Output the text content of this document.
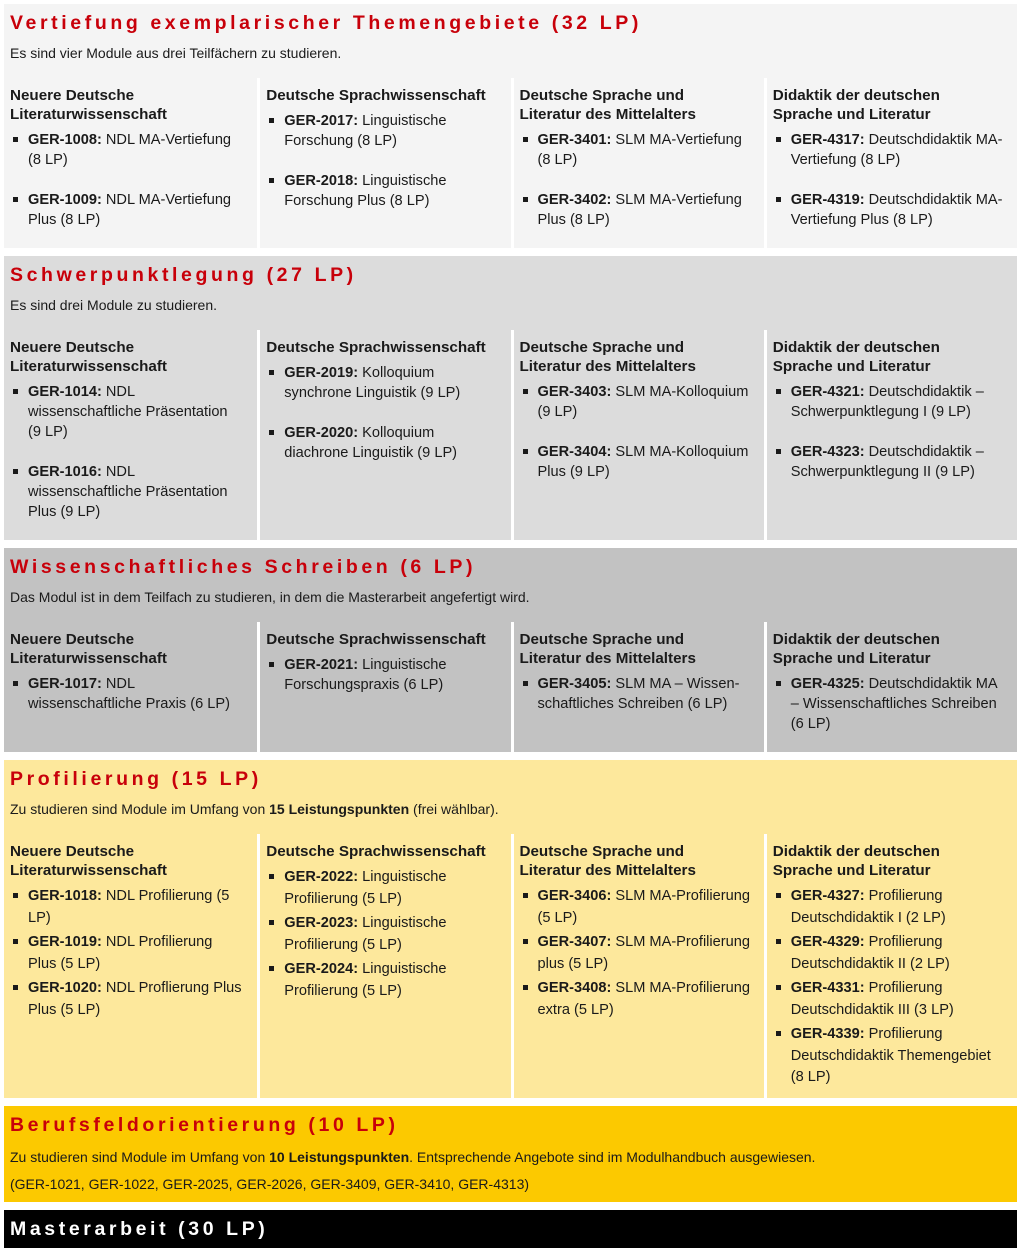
Vertiefung exemplarischer Themengebiete (32 LP)
Es sind vier Module aus drei Teilfächern zu studieren.
Neuere Deutsche
Literaturwissenschaft
GER-1008: NDL MA-Vertiefung
(8 LP)
GER-1009: NDL MA-Vertiefung
Plus (8 LP)
Deutsche Sprachwissenschaft
GER-2017: Linguistische
Forschung (8 LP)
GER-2018: Linguistische
Forschung Plus (8 LP)
Deutsche Sprache und
Literatur des Mittelalters
GER-3401: SLM MA-Vertiefung
(8 LP)
GER-3402: SLM MA-Vertiefung
Plus (8 LP)
Didaktik der deutschen
Sprache und Literatur
GER-4317: Deutschdidaktik MA-
Vertiefung (8 LP)
GER-4319: Deutschdidaktik MA-
Vertiefung Plus (8 LP)
Schwerpunktlegung (27 LP)
Es sind drei Module zu studieren.
Neuere Deutsche
Literaturwissenschaft
GER-1014: NDL
wissenschaftliche Präsentation
(9 LP)
GER-1016: NDL
wissenschaftliche Präsentation
Plus (9 LP)
Deutsche Sprachwissenschaft
GER-2019: Kolloquium
synchrone Linguistik (9 LP)
GER-2020: Kolloquium
diachrone Linguistik (9 LP)
Deutsche Sprache und
Literatur des Mittelalters
GER-3403: SLM MA-Kolloquium
(9 LP)
GER-3404: SLM MA-Kolloquium
Plus (9 LP)
Didaktik der deutschen
Sprache und Literatur
GER-4321: Deutschdidaktik –
Schwerpunktlegung I (9 LP)
GER-4323: Deutschdidaktik –
Schwerpunktlegung II (9 LP)
Wissenschaftliches Schreiben (6 LP)
Das Modul ist in dem Teilfach zu studieren, in dem die Masterarbeit angefertigt wird.
Neuere Deutsche
Literaturwissenschaft
GER-1017: NDL
wissenschaftliche Praxis (6 LP)
Deutsche Sprachwissenschaft
GER-2021: Linguistische
Forschungspraxis (6 LP)
Deutsche Sprache und
Literatur des Mittelalters
GER-3405: SLM MA – Wissen-
schaftliches Schreiben (6 LP)
Didaktik der deutschen
Sprache und Literatur
GER-4325: Deutschdidaktik MA
– Wissenschaftliches Schreiben
(6 LP)
Profilierung (15 LP)
Zu studieren sind Module im Umfang von 15 Leistungspunkten (frei wählbar).
Neuere Deutsche
Literaturwissenschaft
GER-1018: NDL Profilierung (5
LP)
GER-1019: NDL Profilierung
Plus (5 LP)
GER-1020: NDL Proflierung Plus
Plus (5 LP)
Deutsche Sprachwissenschaft
GER-2022: Linguistische
Profilierung (5 LP)
GER-2023: Linguistische
Profilierung (5 LP)
GER-2024: Linguistische
Profilierung (5 LP)
Deutsche Sprache und
Literatur des Mittelalters
GER-3406: SLM MA-Profilierung
(5 LP)
GER-3407: SLM MA-Profilierung
plus (5 LP)
GER-3408: SLM MA-Profilierung
extra (5 LP)
Didaktik der deutschen
Sprache und Literatur
GER-4327: Profilierung
Deutschdidaktik I (2 LP)
GER-4329: Profilierung
Deutschdidaktik II (2 LP)
GER-4331: Profilierung
Deutschdidaktik III (3 LP)
GER-4339: Profilierung
Deutschdidaktik Themengebiet
(8 LP)
Berufsfeldorientierung (10 LP)
Zu studieren sind Module im Umfang von 10 Leistungspunkten. Entsprechende Angebote sind im Modulhandbuch ausgewiesen.
(GER-1021, GER-1022, GER-2025, GER-2026, GER-3409, GER-3410, GER-4313)
Masterarbeit (30 LP)
